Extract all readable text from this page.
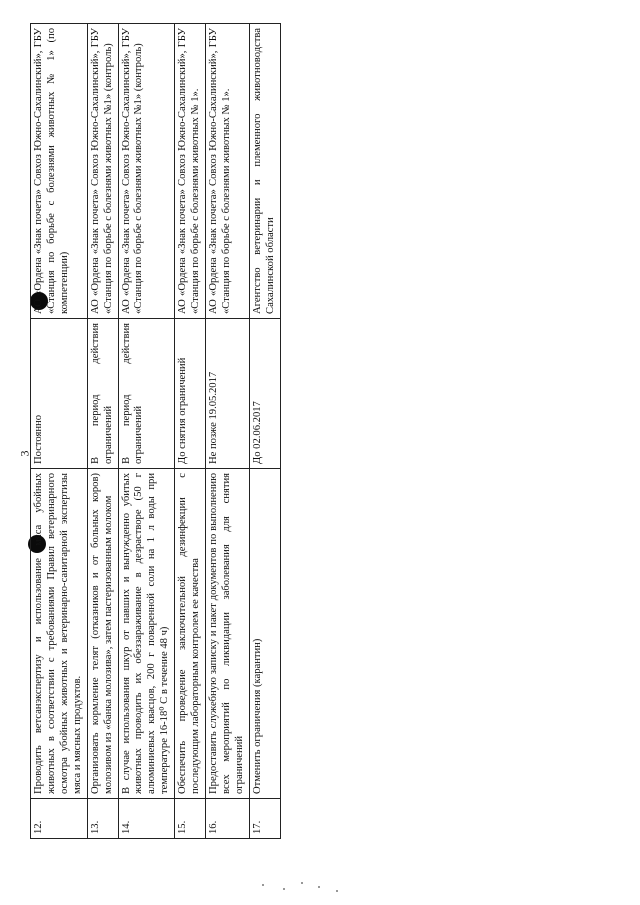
3
12.	Проводить ветсанэкспертизу и использование мяса убойных животных в соответствии с требованиями Правил ветеринарного осмотра убойных животных и ветеринарно-санитарной экспертизы мяса и мясных продуктов.	Постоянно	АО «Ордена «Знак почета» Совхоз Южно-Сахалинский», ГБУ «Станция по борьбе с болезнями животных № 1» (по компетенции)
13.	Организовать кормление телят (отказников и от больных коров) молозивом из «банка молозива», затем пастеризованным молоком	В период действия ограничений	АО «Ордена «Знак почета» Совхоз Южно-Сахалинский», ГБУ «Станция по борьбе с болезнями животных №1» (контроль)
14.	В случае использования шкур от павших и вынужденно убитых животных проводить их обеззараживание в дезрастворе (50 г алюминиевых квасцов, 200 г поваренной соли на 1 л воды при температуре 16-18⁰ С в течение 48 ч)	В период действия ограничений	АО «Ордена «Знак почета» Совхоз Южно-Сахалинский», ГБУ «Станция по борьбе с болезнями животных №1» (контроль)
15.	Обеспечить проведение заключительной дезинфекции с последующим лабораторным контролем ее качества	До снятия ограничений	АО «Ордена «Знак почета» Совхоз Южно-Сахалинский», ГБУ «Станция по борьбе с болезнями животных № 1».
16.	Предоставить служебную записку и пакет документов по выполнению всех мероприятий по ликвидации заболевания для снятия ограничений	Не позже 19.05.2017	АО «Ордена «Знак почета» Совхоз Южно-Сахалинский», ГБУ «Станция по борьбе с болезнями животных № 1».
17.	Отменить ограничения (карантин)	До 02.06.2017	Агентство ветеринарии и племенного животноводства Сахалинской области
